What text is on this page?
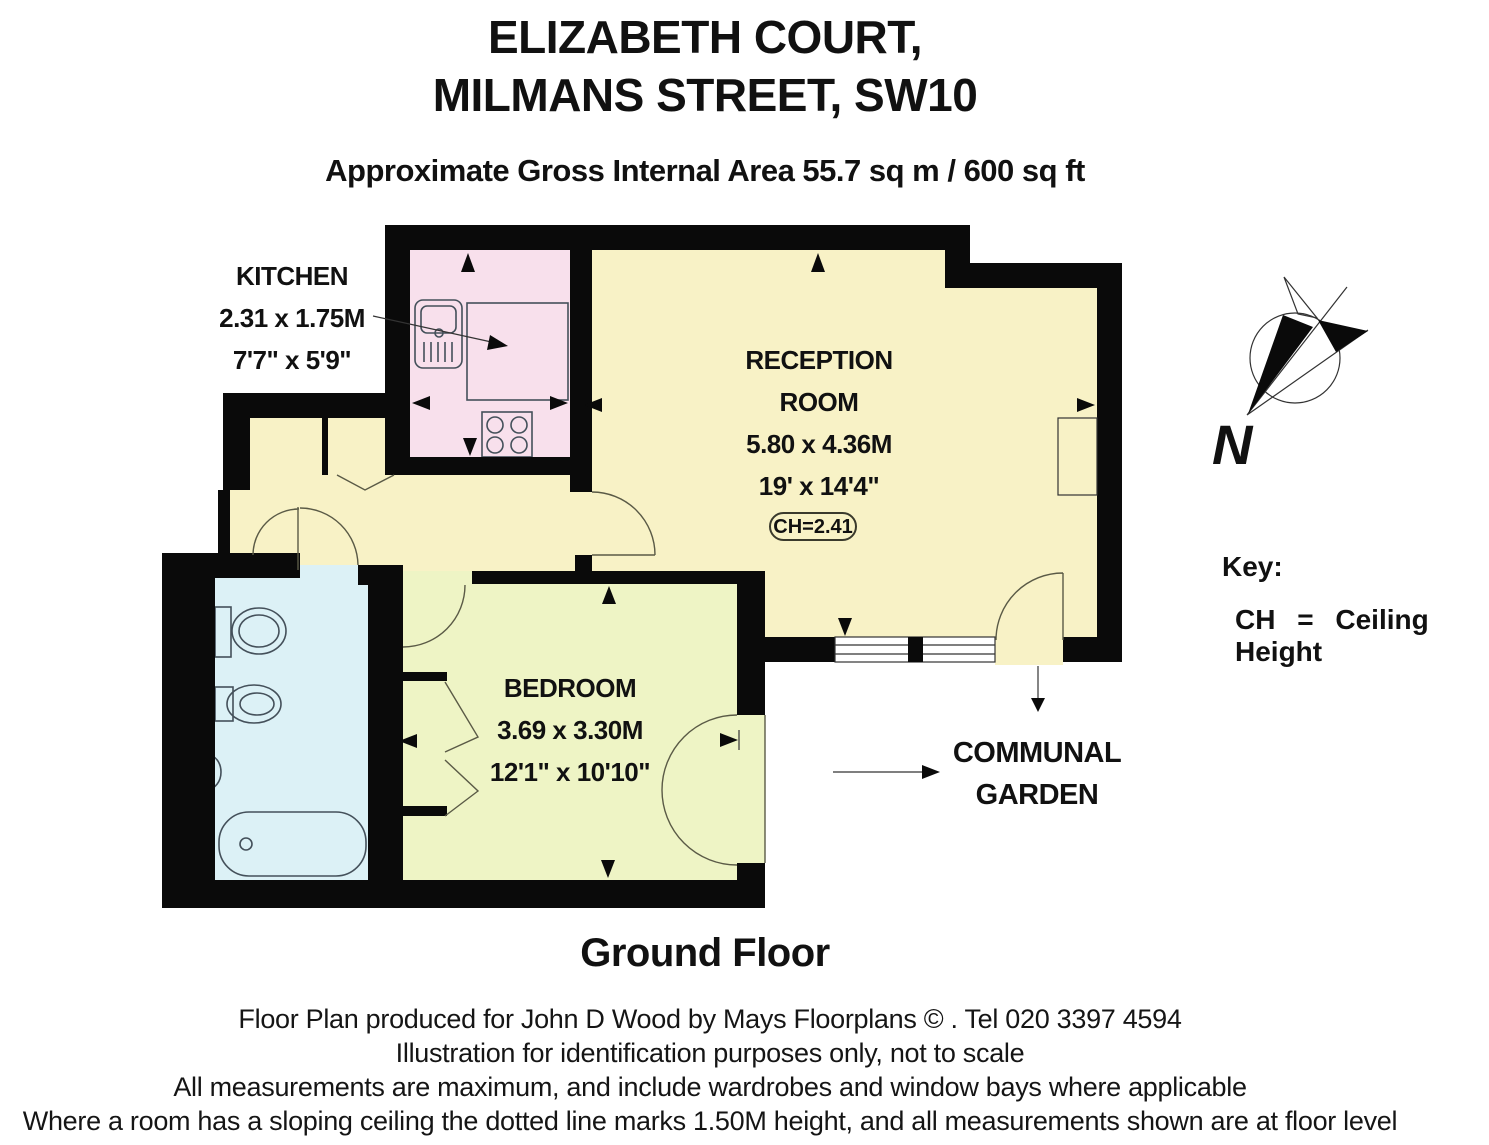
ELIZABETH COURT,
MILMANS STREET, SW10
Approximate Gross Internal Area 55.7 sq m / 600 sq ft
KITCHEN
2.31 x 1.75M
7'7" x 5'9"	RECEPTION
ROOM
5.80 x 4.36M
19' x 14'4"
CH=2.41
BEDROOM
3.69 x 3.30M
12'1" x 10'10"
COMMUNAL
GARDEN
N
Key:
CH = Ceiling Height
Ground Floor
Floor Plan produced for John D Wood by Mays Floorplans © . Tel 020 3397 4594
Illustration for identification purposes only, not to scale
All measurements are maximum, and include wardrobes and window bays where applicable
Where a room has a sloping ceiling the dotted line marks 1.50M height, and all measurements shown are at floor level
